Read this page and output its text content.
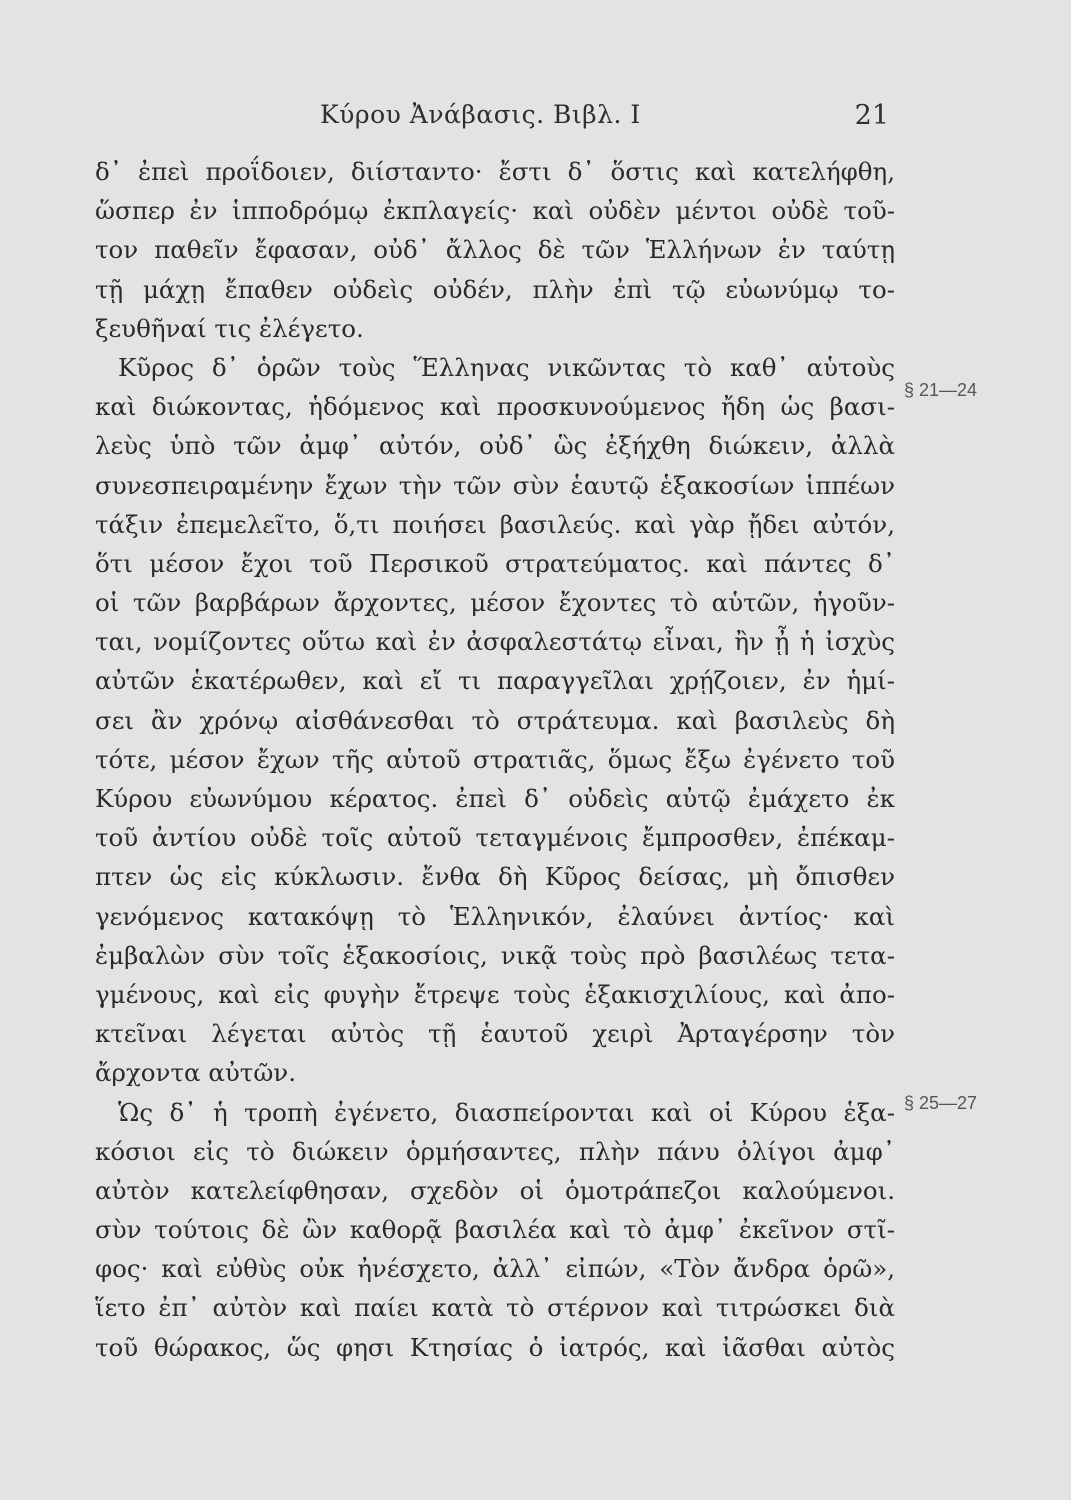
Κύρου Ἀνάβασις. Βιβλ. I	21
δ᾽ ἐπεὶ προΐδοιεν, διίσταντο· ἔστι δ᾽ ὅστις καὶ κατελήφθη,
ὥσπερ ἐν ἱπποδρόμῳ ἐκπλαγείς· καὶ οὐδὲν μέντοι οὐδὲ τοῦ-
τον παθεῖν ἔφασαν, οὐδ᾽ ἄλλος δὲ τῶν Ἑλλήνων ἐν ταύτῃ
τῇ μάχῃ ἔπαθεν οὐδεὶς οὐδέν, πλὴν ἐπὶ τῷ εὐωνύμῳ το-
ξευθῆναί τις ἐλέγετο.
Κῦρος δ᾽ ὁρῶν τοὺς Ἕλληνας νικῶντας τὸ καθ᾽ αὑτοὺς
καὶ διώκοντας, ἡδόμενος καὶ προσκυνούμενος ἤδη ὡς βασι-
λεὺς ὑπὸ τῶν ἀμφ᾽ αὐτόν, οὐδ᾽ ὣς ἐξήχθη διώκειν, ἀλλὰ
συνεσπειραμένην ἔχων τὴν τῶν σὺν ἑαυτῷ ἑξακοσίων ἱππέων
τάξιν ἐπεμελεῖτο, ὅ,τι ποιήσει βασιλεύς. καὶ γὰρ ᾔδει αὐτόν,
ὅτι μέσον ἔχοι τοῦ Περσικοῦ στρατεύματος. καὶ πάντες δ᾽
οἱ τῶν βαρβάρων ἄρχοντες, μέσον ἔχοντες τὸ αὑτῶν, ἡγοῦν-
ται, νομίζοντες οὕτω καὶ ἐν ἀσφαλεστάτῳ εἶναι, ἢν ᾖ ἡ ἰσχὺς
αὐτῶν ἑκατέρωθεν, καὶ εἴ τι παραγγεῖλαι χρῄζοιεν, ἐν ἡμί-
σει ἂν χρόνῳ αἰσθάνεσθαι τὸ στράτευμα. καὶ βασιλεὺς δὴ
τότε, μέσον ἔχων τῆς αὑτοῦ στρατιᾶς, ὅμως ἔξω ἐγένετο τοῦ
Κύρου εὐωνύμου κέρατος. ἐπεὶ δ᾽ οὐδεὶς αὐτῷ ἐμάχετο ἐκ
τοῦ ἀντίου οὐδὲ τοῖς αὐτοῦ τεταγμένοις ἔμπροσθεν, ἐπέκαμ-
πτεν ὡς εἰς κύκλωσιν. ἔνθα δὴ Κῦρος δείσας, μὴ ὄπισθεν
γενόμενος κατακόψῃ τὸ Ἑλληνικόν, ἐλαύνει ἀντίος· καὶ
ἐμβαλὼν σὺν τοῖς ἑξακοσίοις, νικᾷ τοὺς πρὸ βασιλέως τετα-
γμένους, καὶ εἰς φυγὴν ἔτρεψε τοὺς ἑξακισχιλίους, καὶ ἀπο-
κτεῖναι λέγεται αὐτὸς τῇ ἑαυτοῦ χειρὶ Ἀρταγέρσην τὸν
ἄρχοντα αὐτῶν.
Ὡς δ᾽ ἡ τροπὴ ἐγένετο, διασπείρονται καὶ οἱ Κύρου ἑξα-
κόσιοι εἰς τὸ διώκειν ὁρμήσαντες, πλὴν πάνυ ὀλίγοι ἀμφ᾽
αὐτὸν κατελείφθησαν, σχεδὸν οἱ ὁμοτράπεζοι καλούμενοι.
σὺν τούτοις δὲ ὢν καθορᾷ βασιλέα καὶ τὸ ἀμφ᾽ ἐκεῖνον στῖ-
φος· καὶ εὐθὺς οὐκ ἠνέσχετο, ἀλλ᾽ εἰπών, «Τὸν ἄνδρα ὁρῶ»,
ἵετο ἐπ᾽ αὐτὸν καὶ παίει κατὰ τὸ στέρνον καὶ τιτρώσκει διὰ
τοῦ θώρακος, ὥς φησι Κτησίας ὁ ἰατρός, καὶ ἰᾶσθαι αὐτὸς
§ 21—24
§ 25—27
